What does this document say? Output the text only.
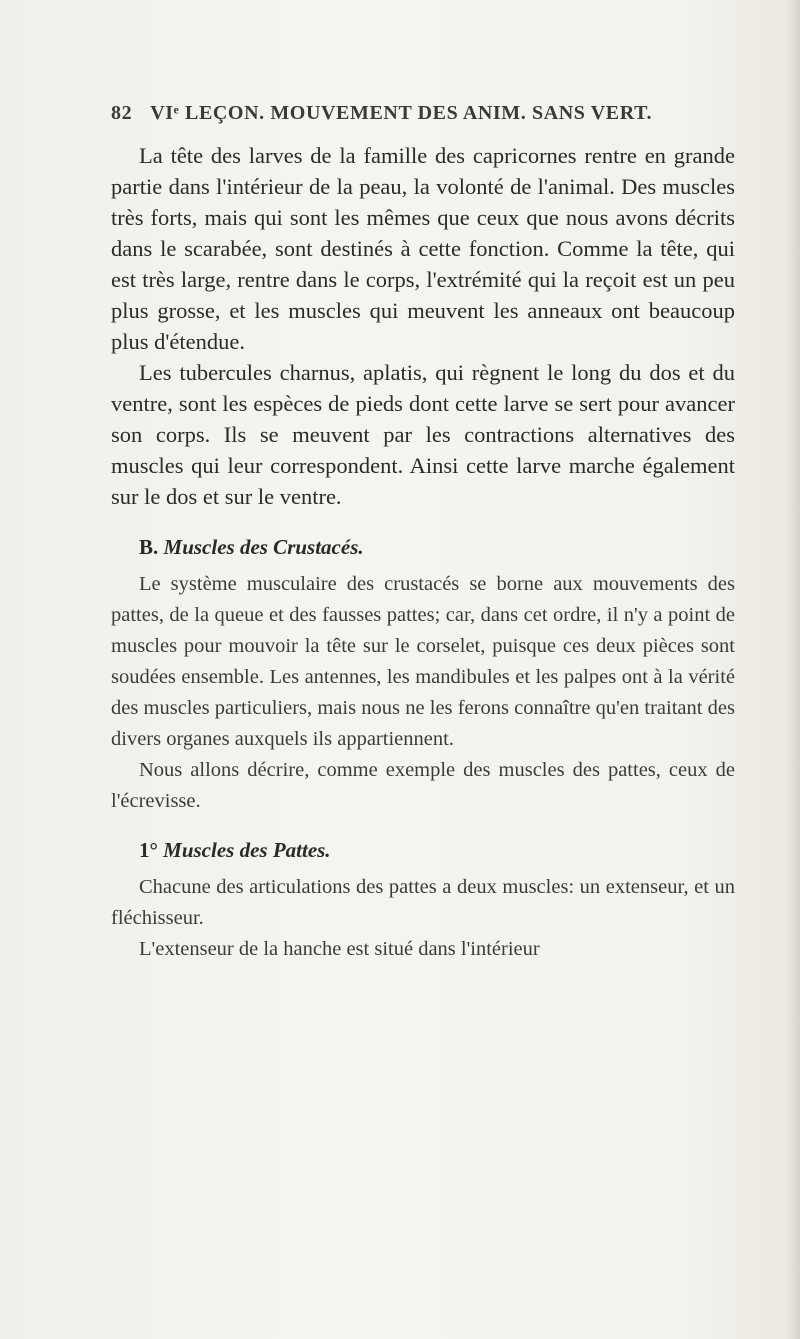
82 VIᵉ LEÇON. MOUVEMENT DES ANIM. SANS VERT.

La tête des larves de la famille des capricornes rentre en grande partie dans l'intérieur de la peau, la volonté de l'animal. Des muscles très forts, mais qui sont les mêmes que ceux que nous avons décrits dans le scarabée, sont destinés à cette fonction. Comme la tête, qui est très large, rentre dans le corps, l'extrémité qui la reçoit est un peu plus grosse, et les muscles qui meuvent les anneaux ont beaucoup plus d'étendue.

Les tubercules charnus, aplatis, qui règnent le long du dos et du ventre, sont les espèces de pieds dont cette larve se sert pour avancer son corps. Ils se meuvent par les contractions alternatives des muscles qui leur correspondent. Ainsi cette larve marche également sur le dos et sur le ventre.

B. Muscles des Crustacés.

Le système musculaire des crustacés se borne aux mouvements des pattes, de la queue et des fausses pattes; car, dans cet ordre, il n'y a point de muscles pour mouvoir la tête sur le corselet, puisque ces deux pièces sont soudées ensemble. Les antennes, les mandibules et les palpes ont à la vérité des muscles particuliers, mais nous ne les ferons connaître qu'en traitant des divers organes auxquels ils appartiennent.

Nous allons décrire, comme exemple des muscles des pattes, ceux de l'écrevisse.

1° Muscles des Pattes.

Chacune des articulations des pattes a deux muscles: un extenseur, et un fléchisseur.

L'extenseur de la hanche est situé dans l'intérieur
